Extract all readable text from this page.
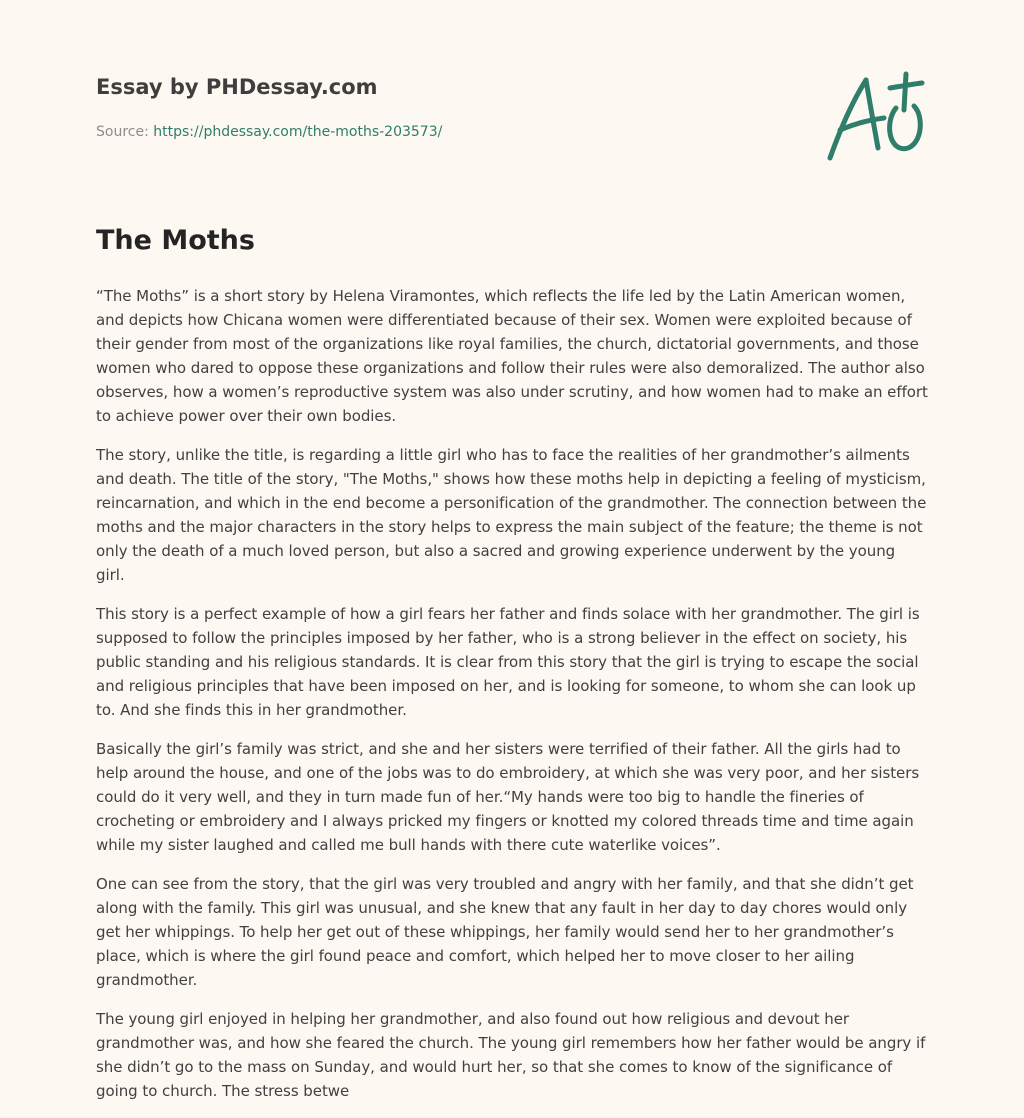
Essay by PHDessay.com
Source: https://phdessay.com/the-moths-203573/
The Moths

“The Moths” is a short story by Helena Viramontes, which reflects the life led by the Latin American women, and depicts how Chicana women were differentiated because of their sex. Women were exploited because of their gender from most of the organizations like royal families, the church, dictatorial governments, and those women who dared to oppose these organizations and follow their rules were also demoralized. The author also observes, how a women’s reproductive system was also under scrutiny, and how women had to make an effort to achieve power over their own bodies.

The story, unlike the title, is regarding a little girl who has to face the realities of her grandmother’s ailments and death. The title of the story, "The Moths," shows how these moths help in depicting a feeling of mysticism, reincarnation, and which in the end become a personification of the grandmother. The connection between the moths and the major characters in the story helps to express the main subject of the feature; the theme is not only the death of a much loved person, but also a sacred and growing experience underwent by the young girl.

This story is a perfect example of how a girl fears her father and finds solace with her grandmother. The girl is supposed to follow the principles imposed by her father, who is a strong believer in the effect on society, his public standing and his religious standards. It is clear from this story that the girl is trying to escape the social and religious principles that have been imposed on her, and is looking for someone, to whom she can look up to. And she finds this in her grandmother.

Basically the girl’s family was strict, and she and her sisters were terrified of their father. All the girls had to help around the house, and one of the jobs was to do embroidery, at which she was very poor, and her sisters could do it very well, and they in turn made fun of her.“My hands were too big to handle the fineries of crocheting or embroidery and I always pricked my fingers or knotted my colored threads time and time again while my sister laughed and called me bull hands with there cute waterlike voices”.

One can see from the story, that the girl was very troubled and angry with her family, and that she didn’t get along with the family. This girl was unusual, and she knew that any fault in her day to day chores would only get her whippings. To help her get out of these whippings, her family would send her to her grandmother’s place, which is where the girl found peace and comfort, which helped her to move closer to her ailing grandmother.

The young girl enjoyed in helping her grandmother, and also found out how religious and devout her grandmother was, and how she feared the church. The young girl remembers how her father would be angry if she didn’t go to the mass on Sunday, and would hurt her, so that she comes to know of the significance of going to church. The stress betwe
